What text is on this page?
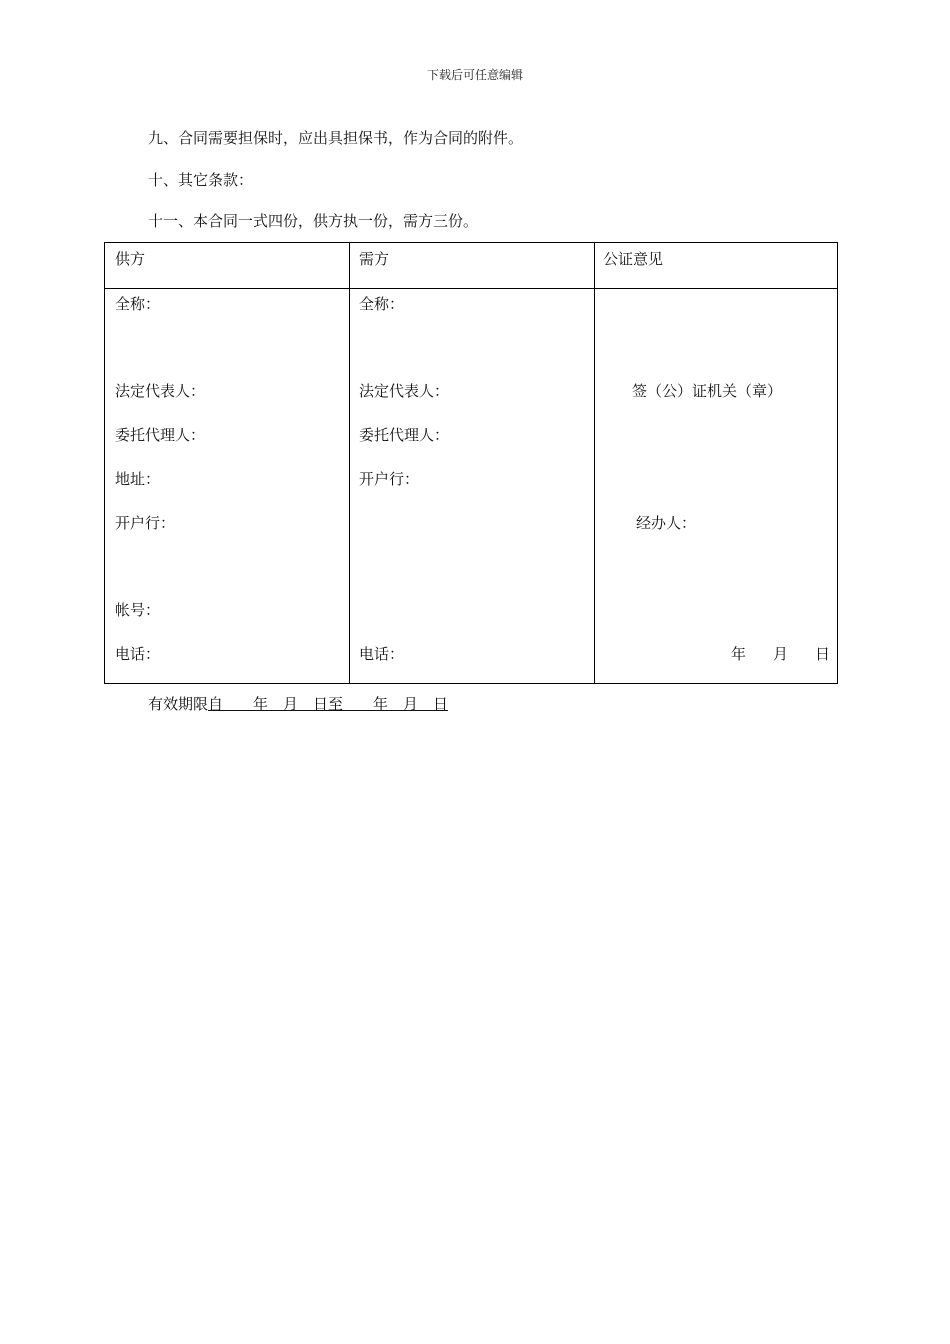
下载后可任意编辑
九、合同需要担保时，应出具担保书，作为合同的附件。
十、其它条款：
十一、本合同一式四份，供方执一份，需方三份。
供方	需方	公证意见
全称：
法定代表人：
委托代理人：
地址：
开户行：
帐号：
电话：
全称：
法定代表人：
委托代理人：
开户行：
电话：
签（公）证机关（章）
经办人：
年 月 日
有效期限自　　年　月　日至　　年　月　日
